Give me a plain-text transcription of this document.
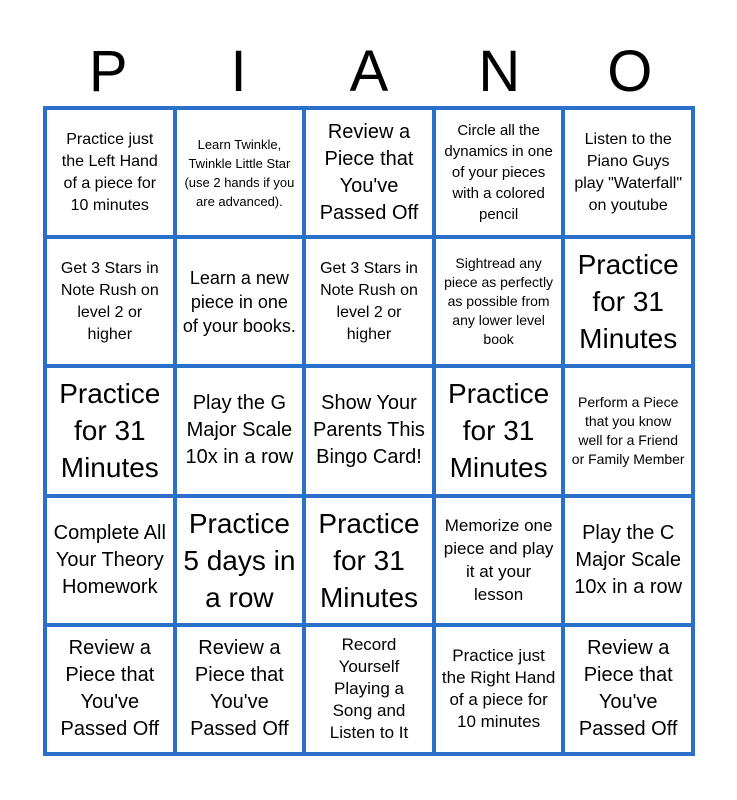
P	I	A	N	O
Practice just the Left Hand of a piece for 10 minutes
Learn Twinkle, Twinkle Little Star (use 2 hands if you are advanced).
Review a Piece that You've Passed Off
Circle all the dynamics in one of your pieces with a colored pencil
Listen to the Piano Guys play "Waterfall" on youtube
Get 3 Stars in Note Rush on level 2 or higher
Learn a new piece in one of your books.
Get 3 Stars in Note Rush on level 2 or higher
Sightread any piece as perfectly as possible from any lower level book
Practice for 31 Minutes
Practice for 31 Minutes
Play the G Major Scale 10x in a row
Show Your Parents This Bingo Card!
Practice for 31 Minutes
Perform a Piece that you know well for a Friend or Family Member
Complete All Your Theory Homework
Practice 5 days in a row
Practice for 31 Minutes
Memorize one piece and play it at your lesson
Play the C Major Scale 10x in a row
Review a Piece that You've Passed Off
Review a Piece that You've Passed Off
Record Yourself Playing a Song and Listen to It
Practice just the Right Hand of a piece for 10 minutes
Review a Piece that You've Passed Off
